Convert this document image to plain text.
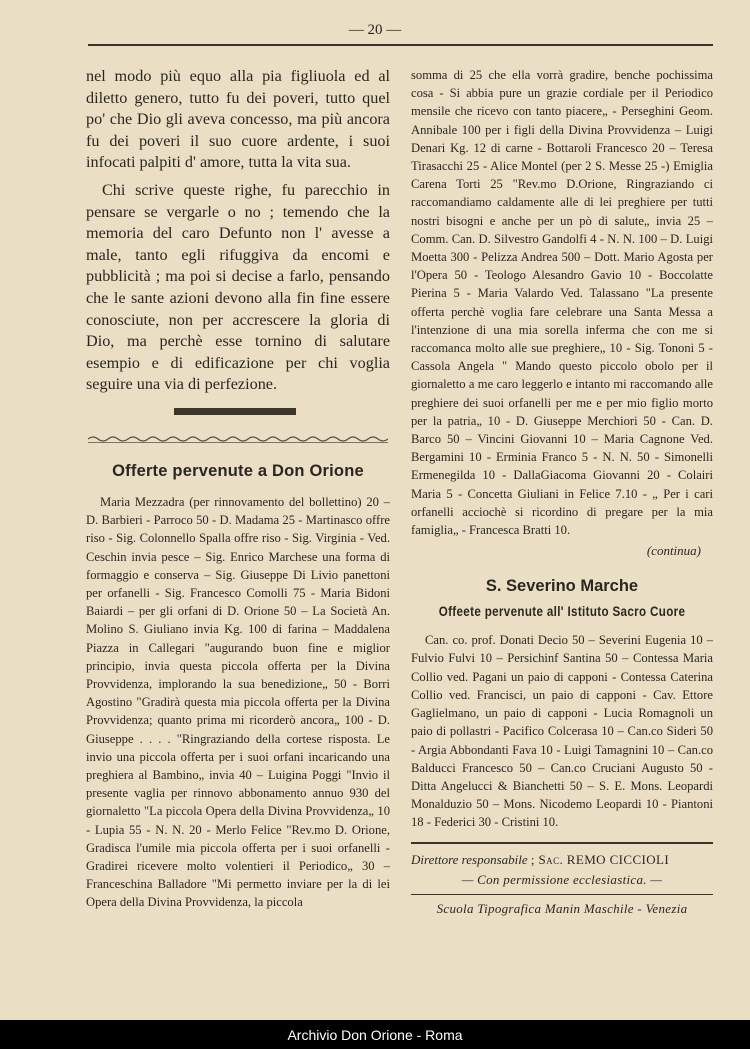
— 20 —

nel modo più equo alla pia figliuola ed al diletto genero, tutto fu dei poveri, tutto quel po' che Dio gli aveva concesso, ma più ancora fu dei poveri il suo cuore ardente, i suoi infocati palpiti d' amore, tutta la vita sua.

Chi scrive queste righe, fu parecchio in pensare se vergarle o no ; temendo che la memoria del caro Defunto non l' avesse a male, tanto egli rifuggiva da encomi e pubblicità ; ma poi si decise a farlo, pensando che le sante azioni devono alla fin fine essere conosciute, non per accrescere la gloria di Dio, ma perchè esse tornino di salutare esempio e di edificazione per chi voglia seguire una via di perfezione.

Offerte pervenute a Don Orione

Maria Mezzadra (per rinnovamento del bollettino) 20 – D. Barbieri - Parroco 50 - D. Madama 25 - Martinasco offre riso - Sig. Colonnello Spalla offre riso - Sig. Virginia - Ved. Ceschin invia pesce – Sig. Enrico Marchese una forma di formaggio e conserva – Sig. Giuseppe Di Livio panettoni per orfanelli - Sig. Francesco Comolli 75 - Maria Bidoni Baiardi – per gli orfani di D. Orione 50 – La Società An. Molino S. Giuliano invia Kg. 100 di farina – Maddalena Piazza in Callegari "augurando buon fine e miglior principio, invia questa piccola offerta per la Divina Provvidenza, implorando la sua benedizione„ 50 - Borri Agostino "Gradirà questa mia piccola offerta per la Divina Provvidenza; quanto prima mi ricorderò ancora„ 100 - D. Giuseppe . . . . "Ringraziando della cortese risposta. Le invio una piccola offerta per i suoi orfani incaricando una preghiera al Bambino„ invia 40 – Luigina Poggi "Invio il presente vaglia per rinnovo abbonamento annuo 930 del giornaletto "La piccola Opera della Divina Provvidenza„ 10 - Lupia 55 - N. N. 20 - Merlo Felice "Rev.mo D. Orione, Gradisca l'umile mia piccola offerta per i suoi orfanelli - Gradirei ricevere molto volentieri il Periodico„ 30 – Franceschina Balladore "Mi permetto inviare per la di lei Opera della Divina Provvidenza, la piccola

somma di 25 che ella vorrà gradire, benche pochissima cosa - Si abbia pure un grazie cordiale per il Periodico mensile che ricevo con tanto piacere„ - Perseghini Geom. Annibale 100 per i figli della Divina Provvidenza – Luigi Denari Kg. 12 di carne - Bottaroli Francesco 20 – Teresa Tirasacchi 25 - Alice Montel (per 2 S. Messe 25 -) Emiglia Carena Torti 25 "Rev.mo D.Orione, Ringraziando ci raccomandiamo caldamente alle di lei preghiere per tutti nostri bisogni e anche per un pò di salute„ invia 25 – Comm. Can. D. Silvestro Gandolfi 4 - N. N. 100 – D. Luigi Moetta 300 - Pelizza Andrea 500 – Dott. Mario Agosta per l'Opera 50 - Teologo Alesandro Gavio 10 - Boccolatte Pierina 5 - Maria Valardo Ved. Talassano "La presente offerta perchè voglia fare celebrare una Santa Messa a l'intenzione di una mia sorella inferma che con me si raccomanca molto alle sue preghiere„ 10 - Sig. Tononi 5 - Cassola Angela " Mando questo piccolo obolo per il giornaletto a me caro leggerlo e intanto mi raccomando alle preghiere dei suoi orfanelli per me e per mio figlio morto per la patria„ 10 - D. Giuseppe Merchiori 50 - Can. D. Barco 50 – Vincini Giovanni 10 – Maria Cagnone Ved. Bergamini 10 - Erminia Franco 5 - N. N. 50 - Simonelli Ermenegilda 10 - DallaGiacoma Giovanni 20 - Colairi Maria 5 - Concetta Giuliani in Felice 7.10 - „ Per i cari orfanelli acciochè si ricordino di pregare per la mia famiglia„ - Francesca Bratti 10.

(continua)
S. Severino Marche
Offeete pervenute all' Istituto Sacro Cuore

Can. co. prof. Donati Decio 50 – Severini Eugenia 10 – Fulvio Fulvi 10 – Persichinf Santina 50 – Contessa Maria Collio ved. Pagani un paio di capponi - Contessa Caterina Collio ved. Francisci, un paio di capponi - Cav. Ettore Gaglielmano, un paio di capponi - Lucia Romagnoli un paio di pollastri - Pacifico Colcerasa 10 – Can.co Sideri 50 - Argia Abbondanti Fava 10 - Luigi Tamagnini 10 – Can.co Balducci Francesco 50 – Can.co Cruciani Augusto 50 - Ditta Angelucci & Bianchetti 50 – S. E. Mons. Leopardi Monalduzio 50 – Mons. Nicodemo Leopardi 10 - Piantoni 18 - Federici 30 - Cristini 10.

Direttore responsabile ; Sac. REMO CICCIOLI

— Con permissione ecclesiastica. —

Scuola Tipografica Manin Maschile - Venezia

Archivio Don Orione - Roma
